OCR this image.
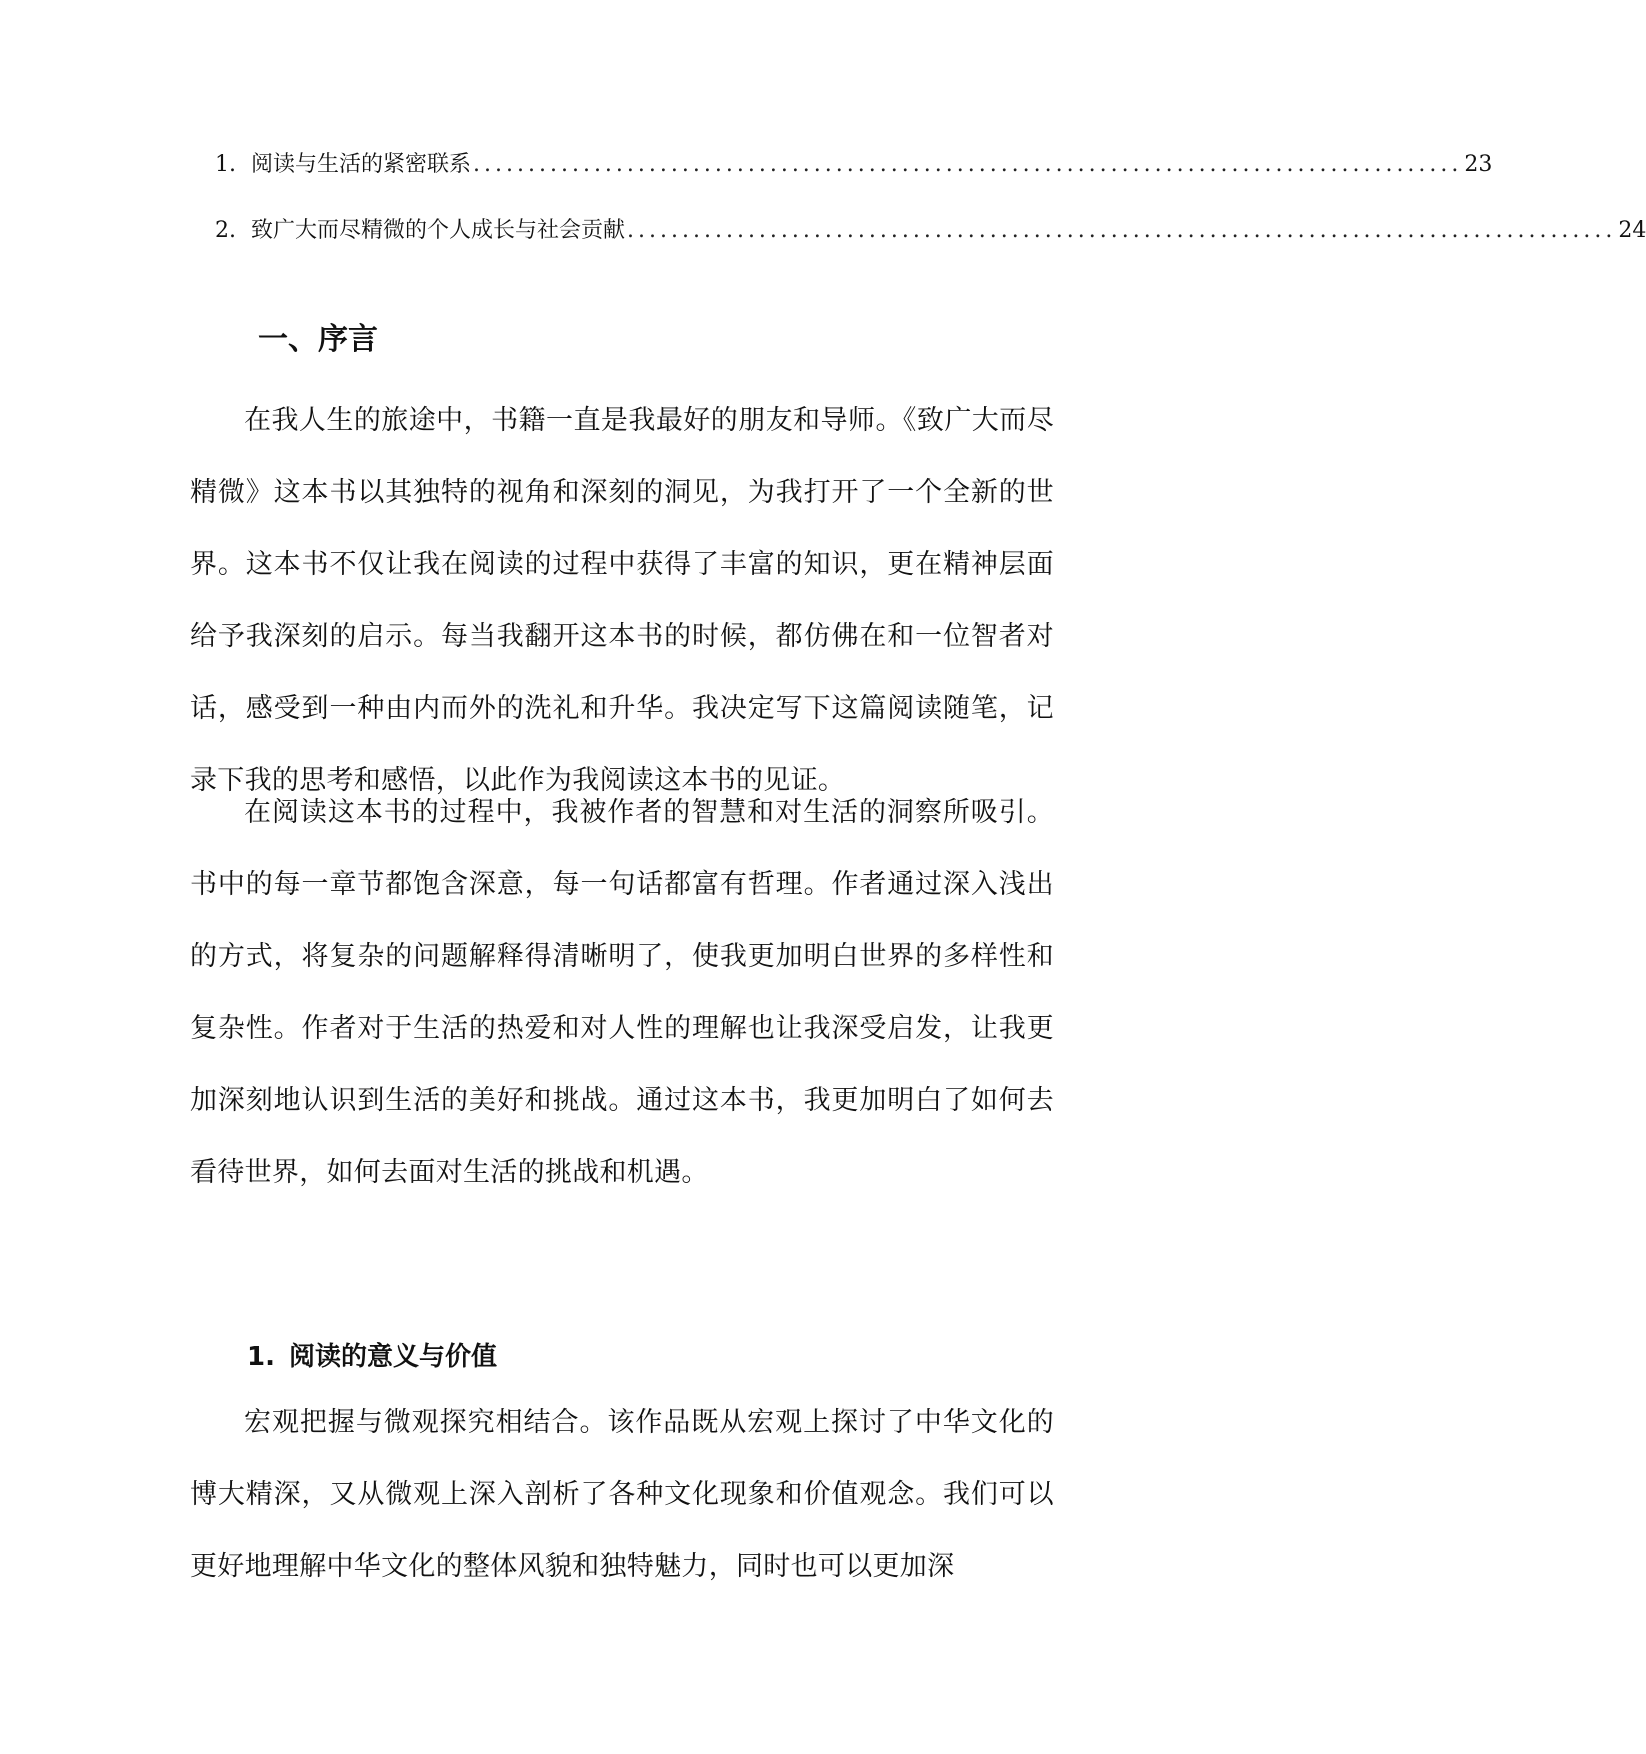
1. 阅读与生活的紧密联系 .......................................................................................... 23
2. 致广大而尽精微的个人成长与社会贡献 .......................................................................................... 24
一、序言

在我人生的旅途中，书籍一直是我最好的朋友和导师。《致广大而尽精微》这本书以其独特的视角和深刻的洞见，为我打开了一个全新的世界。这本书不仅让我在阅读的过程中获得了丰富的知识，更在精神层面给予我深刻的启示。每当我翻开这本书的时候，都仿佛在和一位智者对话，感受到一种由内而外的洗礼和升华。我决定写下这篇阅读随笔，记录下我的思考和感悟，以此作为我阅读这本书的见证。

在阅读这本书的过程中，我被作者的智慧和对生活的洞察所吸引。书中的每一章节都饱含深意，每一句话都富有哲理。作者通过深入浅出的方式，将复杂的问题解释得清晰明了，使我更加明白世界的多样性和复杂性。作者对于生活的热爱和对人性的理解也让我深受启发，让我更加深刻地认识到生活的美好和挑战。通过这本书，我更加明白了如何去看待世界，如何去面对生活的挑战和机遇。

1. 阅读的意义与价值

宏观把握与微观探究相结合。该作品既从宏观上探讨了中华文化的博大精深，又从微观上深入剖析了各种文化现象和价值观念。我们可以更好地理解中华文化的整体风貌和独特魅力，同时也可以更加深
